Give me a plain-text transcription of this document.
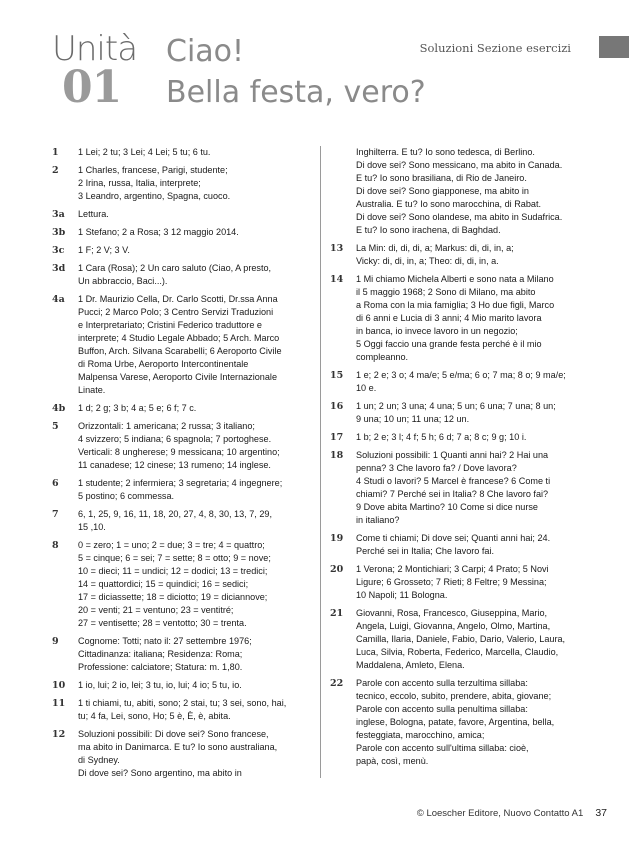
Unità
01
Ciao!
Bella festa, vero?
Soluzioni Sezione esercizi
1	1 Lei; 2 tu; 3 Lei; 4 Lei; 5 tu; 6 tu.
2	1 Charles, francese, Parigi, studente;
2 Irina, russa, Italia, interprete;
3 Leandro, argentino, Spagna, cuoco.
3a	Lettura.
3b	1 Stefano; 2 a Rosa; 3 12 maggio 2014.
3c	1 F; 2 V; 3 V.
3d	1 Cara (Rosa); 2 Un caro saluto (Ciao, A presto,
Un abbraccio, Baci...).
4a	1 Dr. Maurizio Cella, Dr. Carlo Scotti, Dr.ssa Anna
Pucci; 2 Marco Polo; 3 Centro Servizi Traduzioni
e Interpretariato; Cristini Federico traduttore e
interprete; 4 Studio Legale Abbado; 5 Arch. Marco
Buffon, Arch. Silvana Scarabelli; 6 Aeroporto Civile
di Roma Urbe, Aeroporto Intercontinentale
Malpensa Varese, Aeroporto Civile Internazionale
Linate.
4b	1 d; 2 g; 3 b; 4 a; 5 e; 6 f; 7 c.
5	Orizzontali: 1 americana; 2 russa; 3 italiano;
4 svizzero; 5 indiana; 6 spagnola; 7 portoghese.
Verticali: 8 ungherese; 9 messicana; 10 argentino;
11 canadese; 12 cinese; 13 rumeno; 14 inglese.
6	1 studente; 2 infermiera; 3 segretaria; 4 ingegnere;
5 postino; 6 commessa.
7	6, 1, 25, 9, 16, 11, 18, 20, 27, 4, 8, 30, 13, 7, 29,
15 ,10.
8	0 = zero; 1 = uno; 2 = due; 3 = tre; 4 = quattro;
5 = cinque; 6 = sei; 7 = sette; 8 = otto; 9 = nove;
10 = dieci; 11 = undici; 12 = dodici; 13 = tredici;
14 = quattordici; 15 = quindici; 16 = sedici;
17 = diciassette; 18 = diciotto; 19 = diciannove;
20 = venti; 21 = ventuno; 23 = ventitré;
27 = ventisette; 28 = ventotto; 30 = trenta.
9	Cognome: Totti; nato il: 27 settembre 1976;
Cittadinanza: italiana; Residenza: Roma;
Professione: calciatore; Statura: m. 1,80.
10	1 io, lui; 2 io, lei; 3 tu, io, lui; 4 io; 5 tu, io.
11	1 ti chiami, tu, abiti, sono; 2 stai, tu; 3 sei, sono, hai,
tu; 4 fa, Lei, sono, Ho; 5 è, È, è, abita.
12	Soluzioni possibili: Di dove sei? Sono francese,
ma abito in Danimarca. E tu? Io sono australiana,
di Sydney.
Di dove sei? Sono argentino, ma abito in
Inghilterra. E tu? Io sono tedesca, di Berlino.
Di dove sei? Sono messicano, ma abito in Canada.
E tu? Io sono brasiliana, di Rio de Janeiro.
Di dove sei? Sono giapponese, ma abito in
Australia. E tu? Io sono marocchina, di Rabat.
Di dove sei? Sono olandese, ma abito in Sudafrica.
E tu? Io sono irachena, di Baghdad.
13	La Min: di, di, di, a; Markus: di, di, in, a;
Vicky: di, di, in, a; Theo: di, di, in, a.
14	1 Mi chiamo Michela Alberti e sono nata a Milano
il 5 maggio 1968; 2 Sono di Milano, ma abito
a Roma con la mia famiglia; 3 Ho due figli, Marco
di 6 anni e Lucia di 3 anni; 4 Mio marito lavora
in banca, io invece lavoro in un negozio;
5 Oggi faccio una grande festa perché è il mio
compleanno.
15	1 e; 2 e; 3 o; 4 ma/e; 5 e/ma; 6 o; 7 ma; 8 o; 9 ma/e;
10 e.
16	1 un; 2 un; 3 una; 4 una; 5 un; 6 una; 7 una; 8 un;
9 una; 10 un; 11 una; 12 un.
17	1 b; 2 e; 3 l; 4 f; 5 h; 6 d; 7 a; 8 c; 9 g; 10 i.
18	Soluzioni possibili: 1 Quanti anni hai? 2 Hai una
penna? 3 Che lavoro fa? / Dove lavora?
4 Studi o lavori? 5 Marcel è francese? 6 Come ti
chiami? 7 Perché sei in Italia? 8 Che lavoro fai?
9 Dove abita Martino? 10 Come si dice nurse
in italiano?
19	Come ti chiami; Di dove sei; Quanti anni hai; 24.
Perché sei in Italia; Che lavoro fai.
20	1 Verona; 2 Montichiari; 3 Carpi; 4 Prato; 5 Novi
Ligure; 6 Grosseto; 7 Rieti; 8 Feltre; 9 Messina;
10 Napoli; 11 Bologna.
21	Giovanni, Rosa, Francesco, Giuseppina, Mario,
Angela, Luigi, Giovanna, Angelo, Olmo, Martina,
Camilla, Ilaria, Daniele, Fabio, Dario, Valerio, Laura,
Luca, Silvia, Roberta, Federico, Marcella, Claudio,
Maddalena, Amleto, Elena.
22	Parole con accento sulla terzultima sillaba:
tecnico, eccolo, subito, prendere, abita, giovane;
Parole con accento sulla penultima sillaba:
inglese, Bologna, patate, favore, Argentina, bella,
festeggiata, marocchino, amica;
Parole con accento sull'ultima sillaba: cioè,
papà, così, menù.
© Loescher Editore, Nuovo Contatto A1 37
